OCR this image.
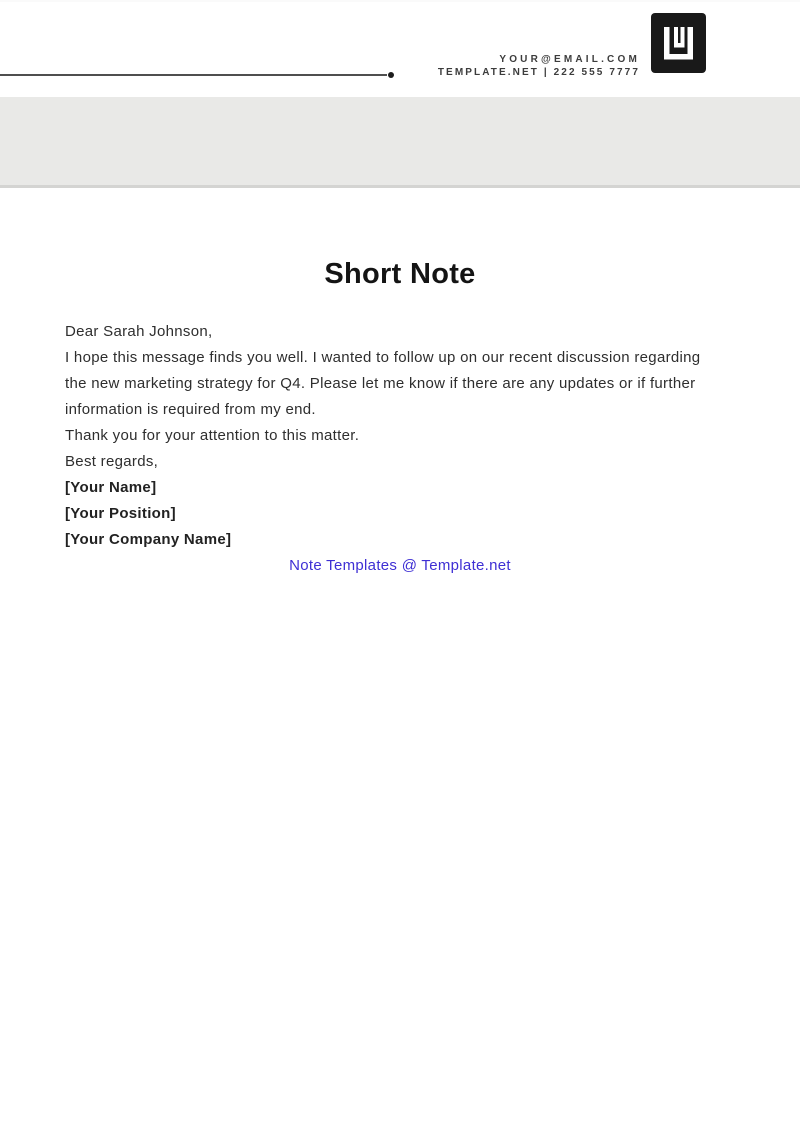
YOUR@EMAIL.COM
TEMPLATE.NET | 222 555 7777
Short Note
Dear Sarah Johnson,
I hope this message finds you well. I wanted to follow up on our recent discussion regarding
the new marketing strategy for Q4. Please let me know if there are any updates or if further
information is required from my end.
Thank you for your attention to this matter.
Best regards,
[Your Name]
[Your Position]
[Your Company Name]
Note Templates @ Template.net
